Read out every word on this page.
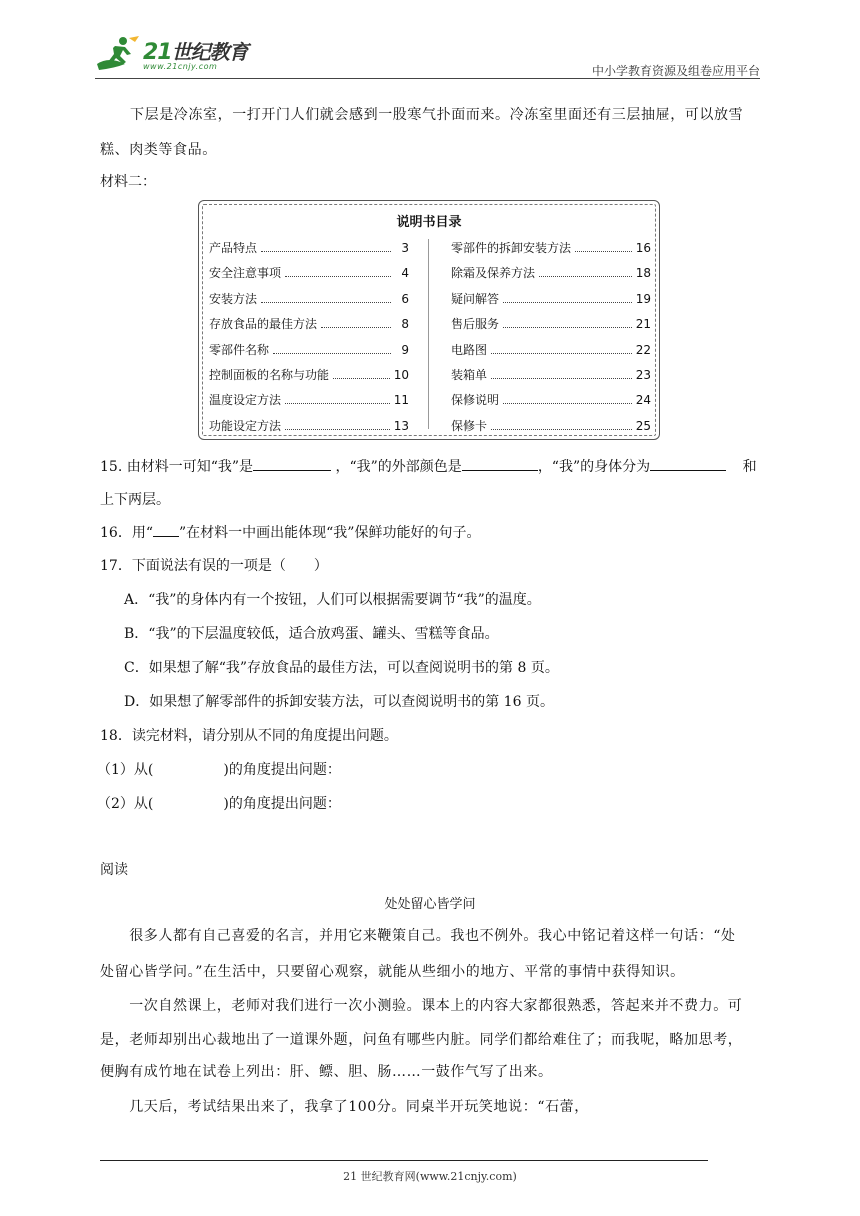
21世纪教育
www.21cnjy.com	中小学教育资源及组卷应用平台
下层是冷冻室，一打开门人们就会感到一股寒气扑面而来。冷冻室里面还有三层抽屉，可以放雪
糕、肉类等食品。
材料二：
说明书目录
产品特点	3
安全注意事项	4
安装方法	6
存放食品的最佳方法	8
零部件名称	9
控制面板的名称与功能	10
温度设定方法	11
功能设定方法	13
零部件的拆卸安装方法	16
除霜及保养方法	18
疑问解答	19
售后服务	21
电路图	22
装箱单	23
保修说明	24
保修卡	25
15. 由材料一可知“我”是	，“我”的外部颜色是	，“我”的身体分为	和
上下两层。
16．用“ ”在材料一中画出能体现“我”保鲜功能好的句子。
17．下面说法有误的一项是（　　）
A．“我”的身体内有一个按钮，人们可以根据需要调节“我”的温度。
B．“我”的下层温度较低，适合放鸡蛋、罐头、雪糕等食品。
C．如果想了解“我”存放食品的最佳方法，可以查阅说明书的第 8 页。
D．如果想了解零部件的拆卸安装方法，可以查阅说明书的第 16 页。
18．读完材料，请分别从不同的角度提出问题。
（1）从(　　　　　)的角度提出问题：
（2）从(　　　　　)的角度提出问题：
阅读
处处留心皆学问
　　很多人都有自己喜爱的名言，并用它来鞭策自己。我也不例外。我心中铭记着这样一句话：“处
处留心皆学问。”在生活中，只要留心观察，就能从些细小的地方、平常的事情中获得知识。
　　一次自然课上，老师对我们进行一次小测验。课本上的内容大家都很熟悉，答起来并不费力。可
是，老师却别出心裁地出了一道课外题，问鱼有哪些内脏。同学们都给难住了；而我呢，略加思考，
便胸有成竹地在试卷上列出：肝、鳔、胆、肠……一鼓作气写了出来。
　　几天后，考试结果出来了，我拿了100分。同桌半开玩笑地说：“石蕾，
21 世纪教育网(www.21cnjy.com)
